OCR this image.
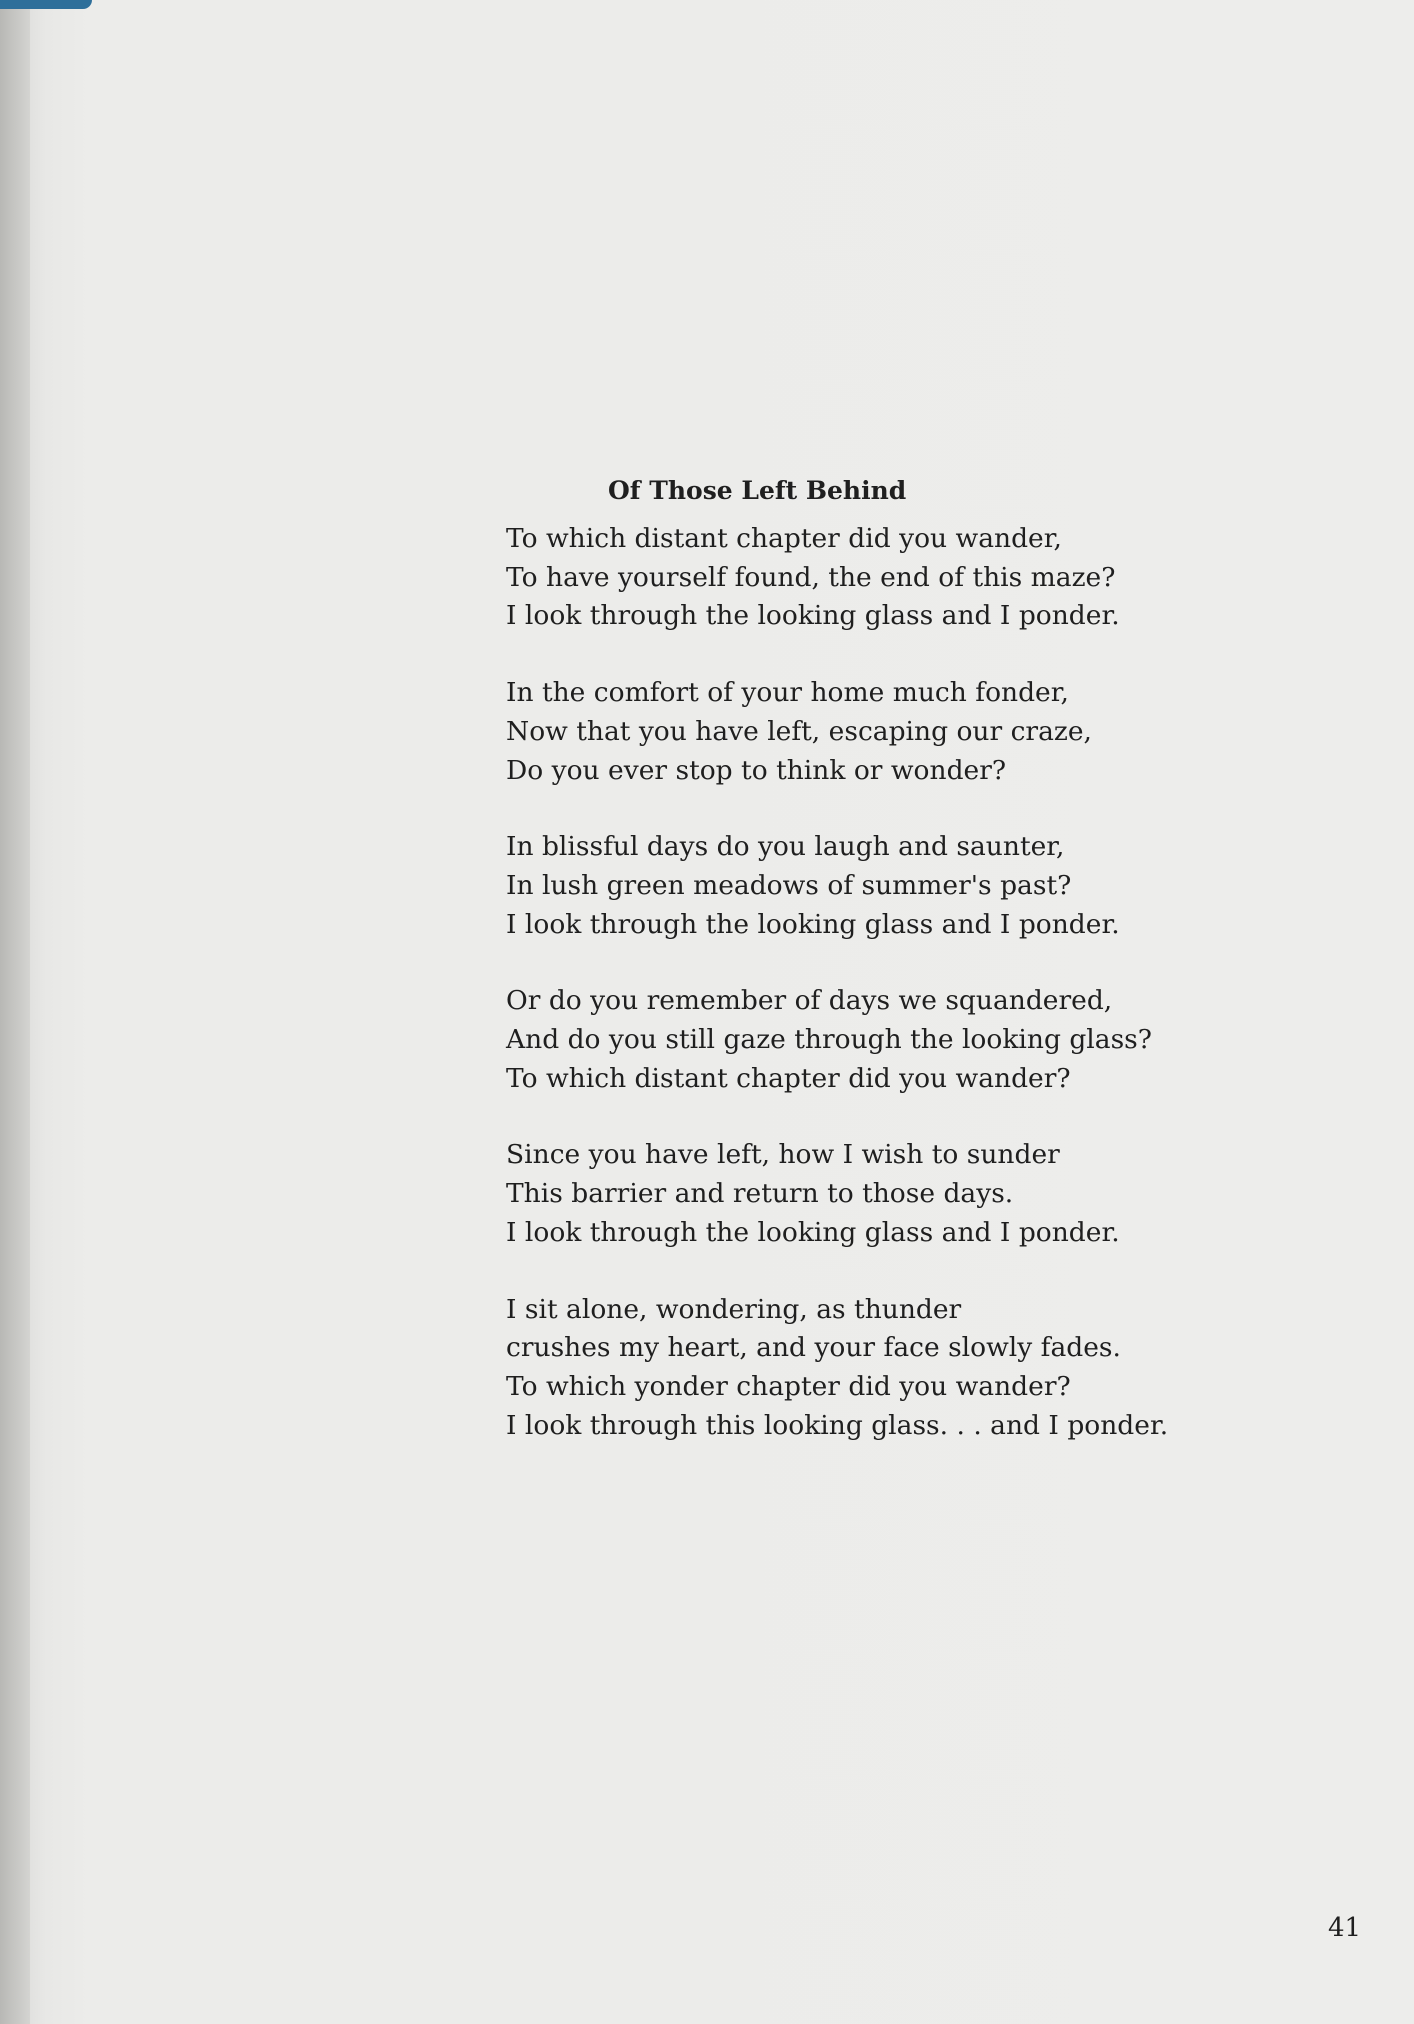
Of Those Left Behind
To which distant chapter did you wander,
To have yourself found, the end of this maze?
I look through the looking glass and I ponder.
In the comfort of your home much fonder,
Now that you have left, escaping our craze,
Do you ever stop to think or wonder?
In blissful days do you laugh and saunter,
In lush green meadows of summer's past?
I look through the looking glass and I ponder.
Or do you remember of days we squandered,
And do you still gaze through the looking glass?
To which distant chapter did you wander?
Since you have left, how I wish to sunder
This barrier and return to those days.
I look through the looking glass and I ponder.
I sit alone, wondering, as thunder
crushes my heart, and your face slowly fades.
To which yonder chapter did you wander?
I look through this looking glass. . . and I ponder.
41
